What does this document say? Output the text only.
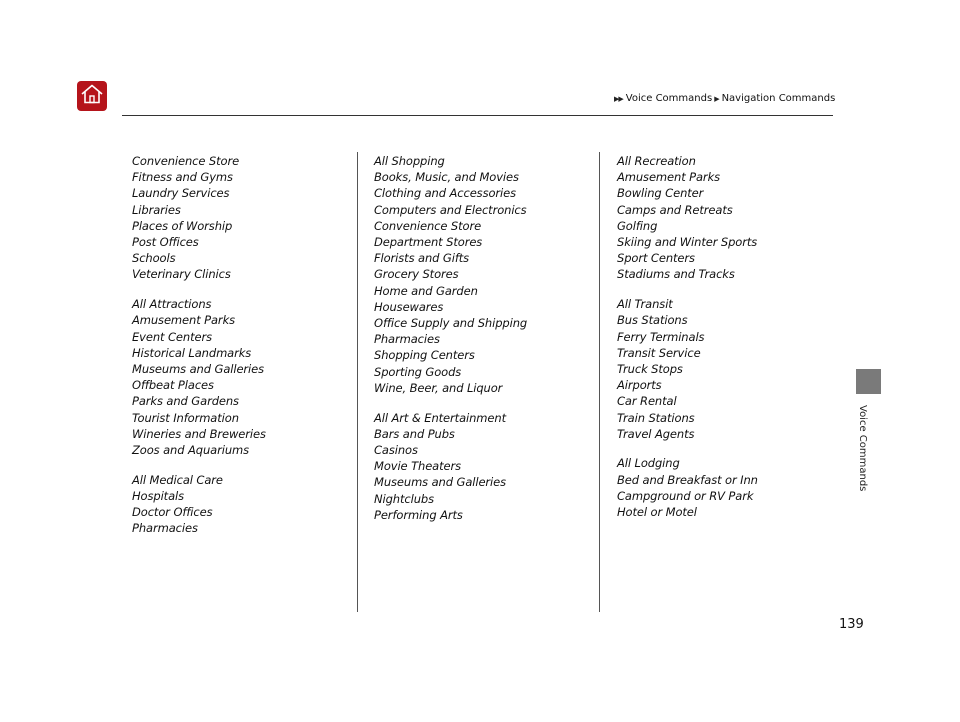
▶▶ Voice Commands ▶ Navigation Commands
Convenience Store
Fitness and Gyms
Laundry Services
Libraries
Places of Worship
Post Offices
Schools
Veterinary Clinics
All Attractions
Amusement Parks
Event Centers
Historical Landmarks
Museums and Galleries
Offbeat Places
Parks and Gardens
Tourist Information
Wineries and Breweries
Zoos and Aquariums
All Medical Care
Hospitals
Doctor Offices
Pharmacies
All Shopping
Books, Music, and Movies
Clothing and Accessories
Computers and Electronics
Convenience Store
Department Stores
Florists and Gifts
Grocery Stores
Home and Garden
Housewares
Office Supply and Shipping
Pharmacies
Shopping Centers
Sporting Goods
Wine, Beer, and Liquor
All Art & Entertainment
Bars and Pubs
Casinos
Movie Theaters
Museums and Galleries
Nightclubs
Performing Arts
All Recreation
Amusement Parks
Bowling Center
Camps and Retreats
Golfing
Skiing and Winter Sports
Sport Centers
Stadiums and Tracks
All Transit
Bus Stations
Ferry Terminals
Transit Service
Truck Stops
Airports
Car Rental
Train Stations
Travel Agents
All Lodging
Bed and Breakfast or Inn
Campground or RV Park
Hotel or Motel
Voice Commands
139
